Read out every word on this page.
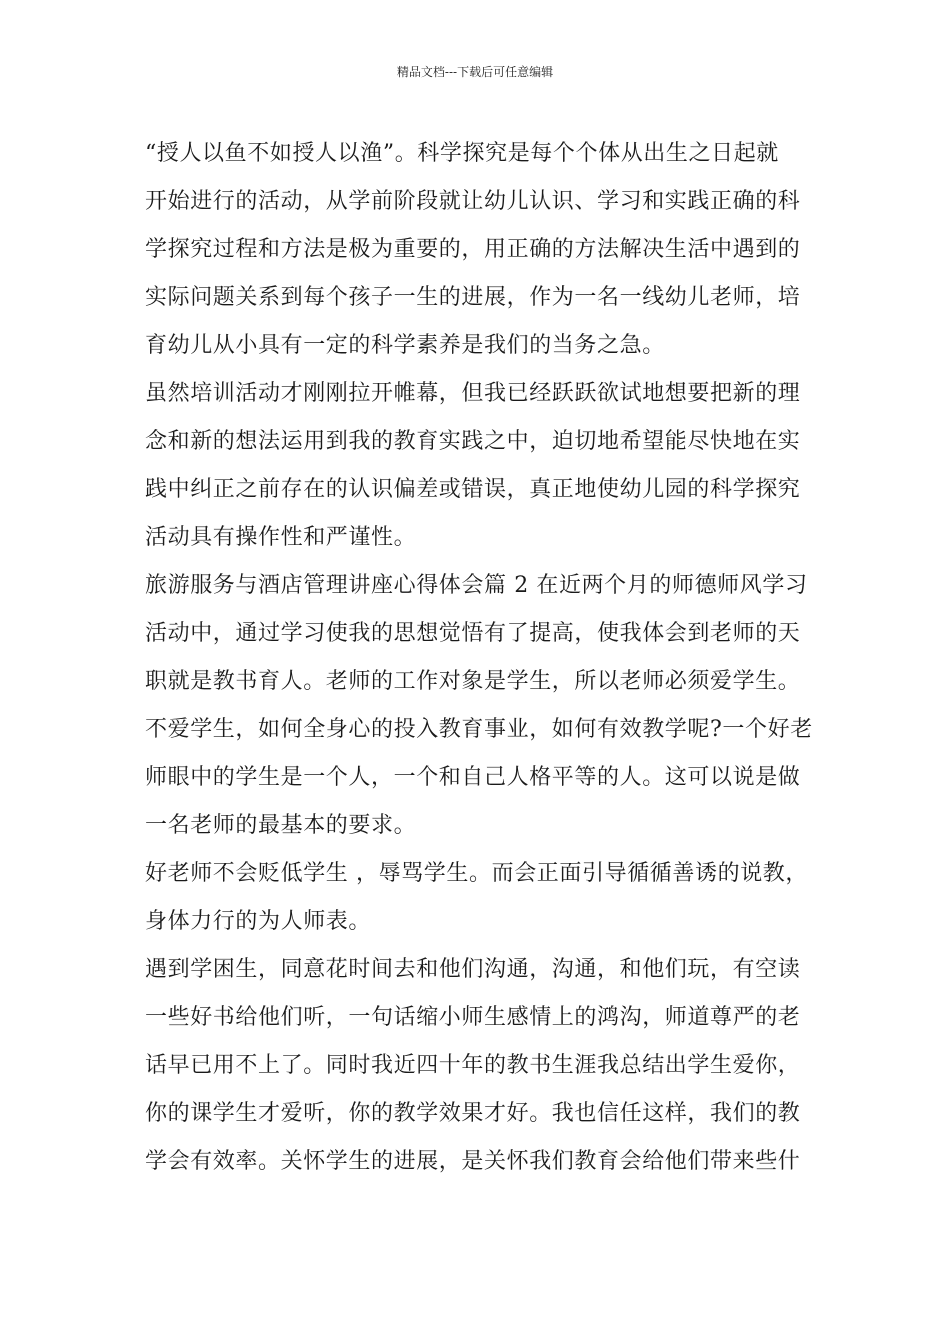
精品文档---下载后可任意编辑
“授人以鱼不如授人以渔”。科学探究是每个个体从出生之日起就
开始进行的活动，从学前阶段就让幼儿认识、学习和实践正确的科
学探究过程和方法是极为重要的，用正确的方法解决生活中遇到的
实际问题关系到每个孩子一生的进展，作为一名一线幼儿老师，培
育幼儿从小具有一定的科学素养是我们的当务之急。
虽然培训活动才刚刚拉开帷幕，但我已经跃跃欲试地想要把新的理
念和新的想法运用到我的教育实践之中，迫切地希望能尽快地在实
践中纠正之前存在的认识偏差或错误，真正地使幼儿园的科学探究
活动具有操作性和严谨性。
旅游服务与酒店管理讲座心得体会篇 2 在近两个月的师德师风学习
活动中，通过学习使我的思想觉悟有了提高，使我体会到老师的天
职就是教书育人。老师的工作对象是学生，所以老师必须爱学生。
不爱学生，如何全身心的投入教育事业，如何有效教学呢?一个好老
师眼中的学生是一个人，一个和自己人格平等的人。这可以说是做
一名老师的最基本的要求。
好老师不会贬低学生 ，辱骂学生。而会正面引导循循善诱的说教，
身体力行的为人师表。
遇到学困生，同意花时间去和他们沟通，沟通，和他们玩，有空读
一些好书给他们听，一句话缩小师生感情上的鸿沟，师道尊严的老
话早已用不上了。同时我近四十年的教书生涯我总结出学生爱你，
你的课学生才爱听，你的教学效果才好。我也信任这样，我们的教
学会有效率。关怀学生的进展，是关怀我们教育会给他们带来些什
